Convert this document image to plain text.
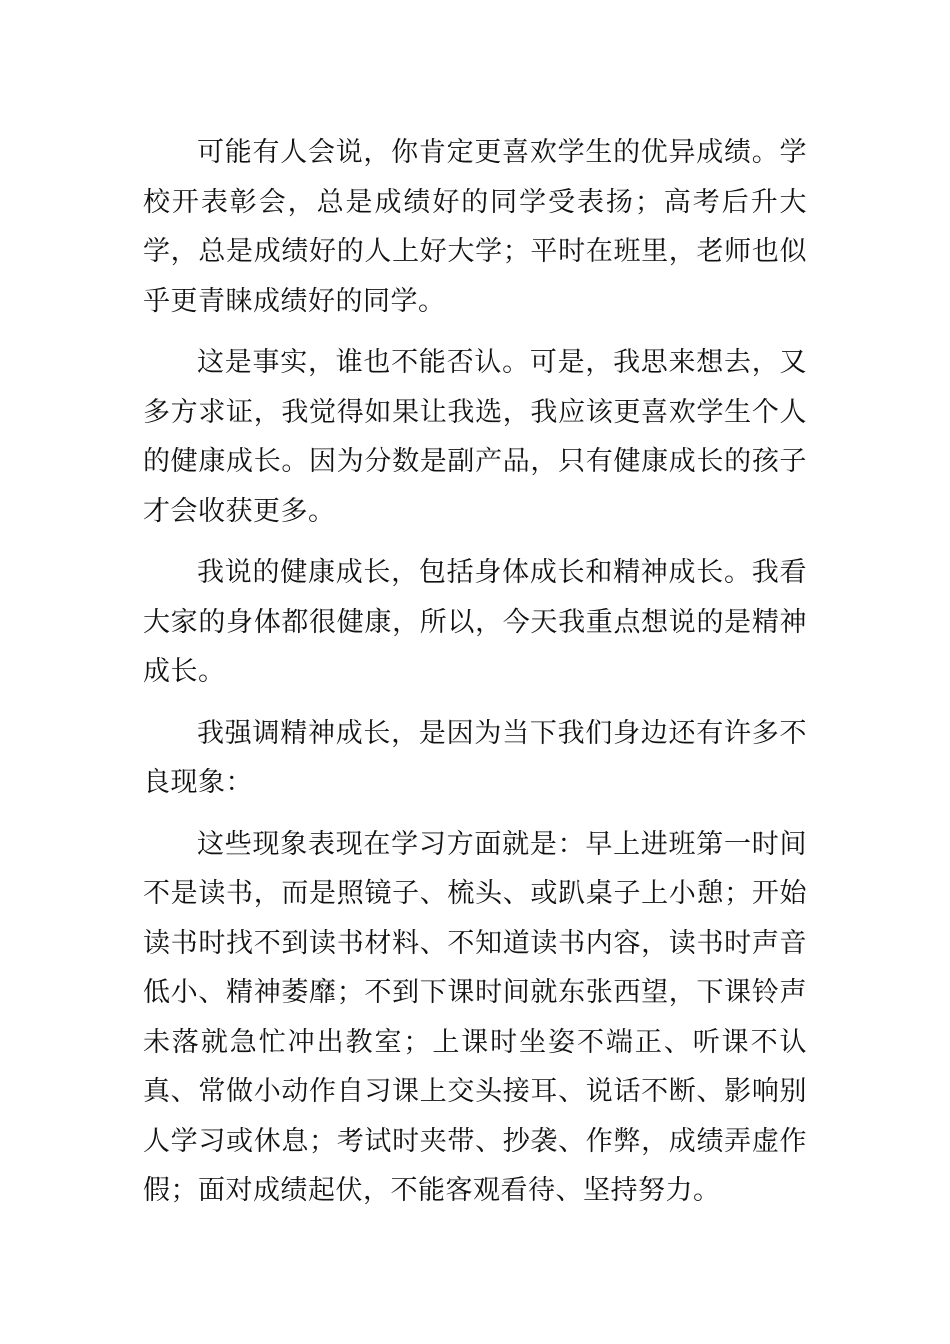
可能有人会说，你肯定更喜欢学生的优异成绩。学校开表彰会，总是成绩好的同学受表扬；高考后升大学，总是成绩好的人上好大学；平时在班里，老师也似乎更青睐成绩好的同学。

这是事实，谁也不能否认。可是，我思来想去，又多方求证，我觉得如果让我选，我应该更喜欢学生个人的健康成长。因为分数是副产品，只有健康成长的孩子才会收获更多。

我说的健康成长，包括身体成长和精神成长。我看大家的身体都很健康，所以，今天我重点想说的是精神成长。

我强调精神成长，是因为当下我们身边还有许多不良现象：

这些现象表现在学习方面就是：早上进班第一时间不是读书，而是照镜子、梳头、或趴桌子上小憩；开始读书时找不到读书材料、不知道读书内容，读书时声音低小、精神萎靡；不到下课时间就东张西望，下课铃声未落就急忙冲出教室；上课时坐姿不端正、听课不认真、常做小动作自习课上交头接耳、说话不断、影响别人学习或休息；考试时夹带、抄袭、作弊，成绩弄虚作假；面对成绩起伏，不能客观看待、坚持努力。
